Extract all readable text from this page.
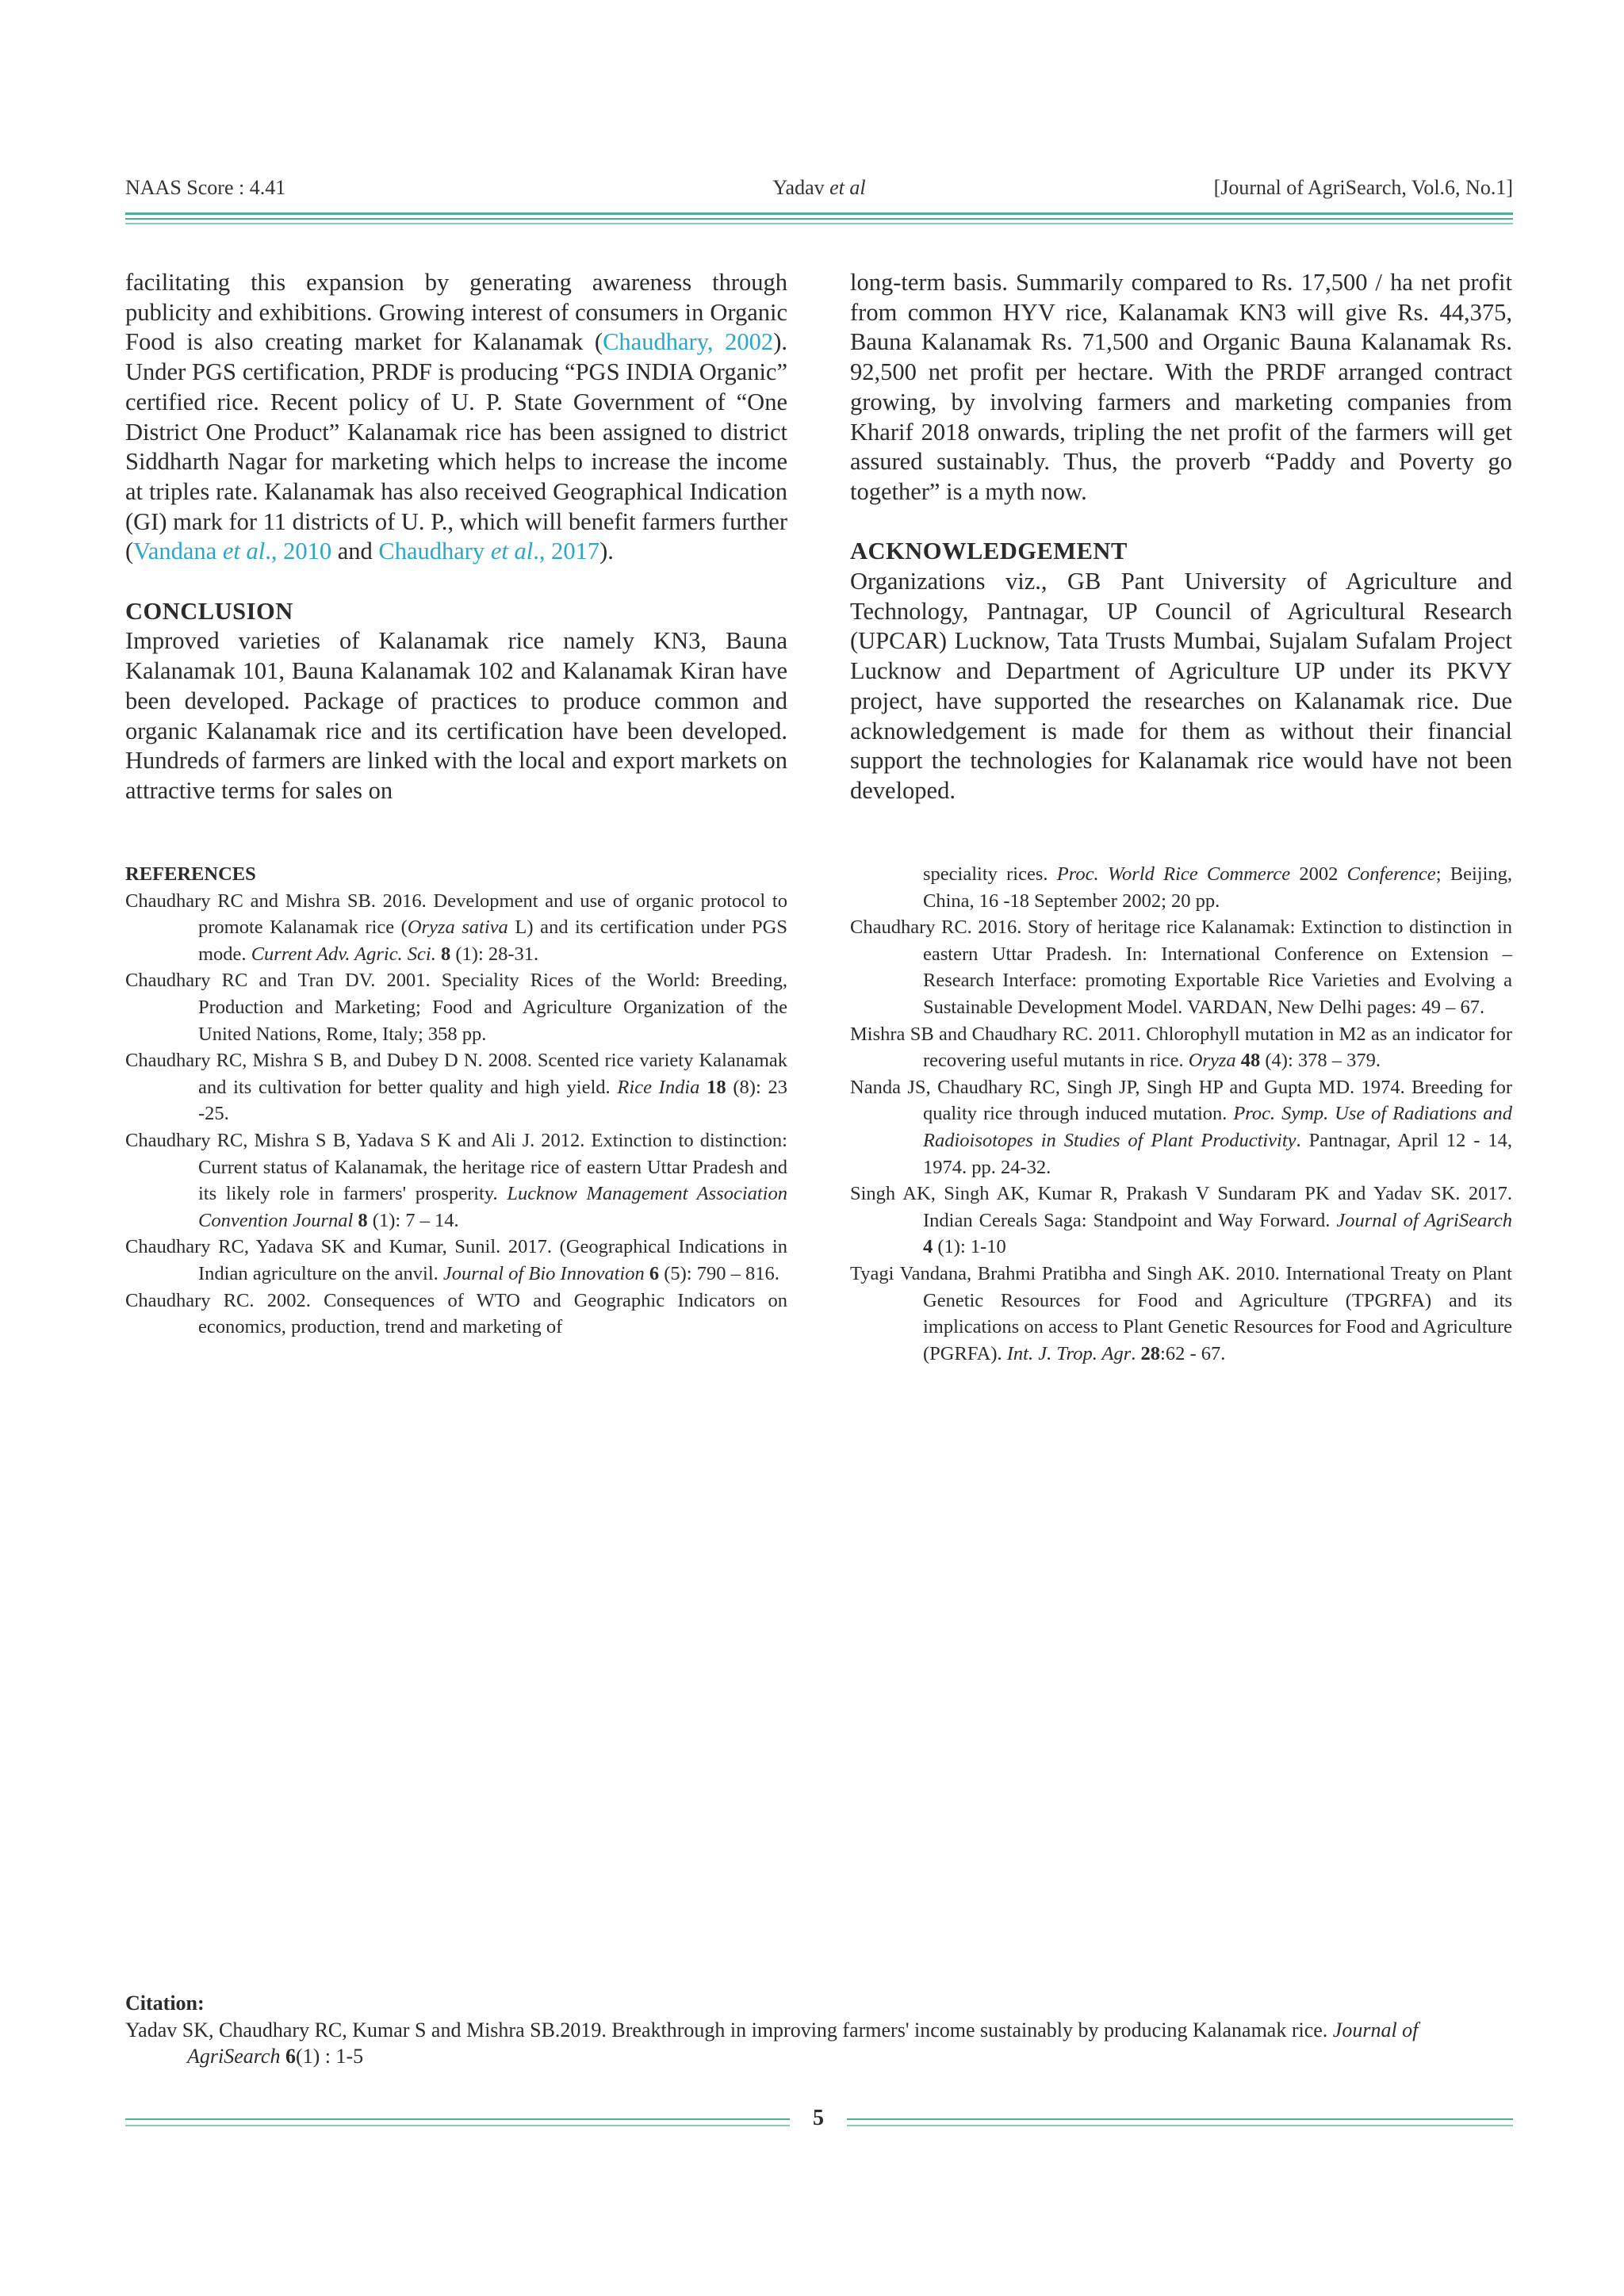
NAAS Score : 4.41	Yadav et al	[Journal of AgriSearch, Vol.6, No.1]

facilitating this expansion by generating awareness through publicity and exhibitions. Growing interest of consumers in Organic Food is also creating market for Kalanamak (Chaudhary, 2002). Under PGS certification, PRDF is producing “PGS INDIA Organic” certified rice. Recent policy of U. P. State Government of “One District One Product” Kalanamak rice has been assigned to district Siddharth Nagar for marketing which helps to increase the income at triples rate. Kalanamak has also received Geographical Indication (GI) mark for 11 districts of U. P., which will benefit farmers further (Vandana et al., 2010 and Chaudhary et al., 2017).

CONCLUSION

Improved varieties of Kalanamak rice namely KN3, Bauna Kalanamak 101, Bauna Kalanamak 102 and Kalanamak Kiran have been developed. Package of practices to produce common and organic Kalanamak rice and its certification have been developed. Hundreds of farmers are linked with the local and export markets on attractive terms for sales on

long-term basis. Summarily compared to Rs. 17,500 / ha net profit from common HYV rice, Kalanamak KN3 will give Rs. 44,375, Bauna Kalanamak Rs. 71,500 and Organic Bauna Kalanamak Rs. 92,500 net profit per hectare. With the PRDF arranged contract growing, by involving farmers and marketing companies from Kharif 2018 onwards, tripling the net profit of the farmers will get assured sustainably. Thus, the proverb “Paddy and Poverty go together” is a myth now.

ACKNOWLEDGEMENT

Organizations viz., GB Pant University of Agriculture and Technology, Pantnagar, UP Council of Agricultural Research (UPCAR) Lucknow, Tata Trusts Mumbai, Sujalam Sufalam Project Lucknow and Department of Agriculture UP under its PKVY project, have supported the researches on Kalanamak rice. Due acknowledgement is made for them as without their financial support the technologies for Kalanamak rice would have not been developed.

REFERENCES

Chaudhary RC and Mishra SB. 2016. Development and use of organic protocol to promote Kalanamak rice (Oryza sativa L) and its certification under PGS mode. Current Adv. Agric. Sci. 8 (1): 28-31.

Chaudhary RC and Tran DV. 2001. Speciality Rices of the World: Breeding, Production and Marketing; Food and Agriculture Organization of the United Nations, Rome, Italy; 358 pp.

Chaudhary RC, Mishra S B, and Dubey D N. 2008. Scented rice variety Kalanamak and its cultivation for better quality and high yield. Rice India 18 (8): 23 -25.

Chaudhary RC, Mishra S B, Yadava S K and Ali J. 2012. Extinction to distinction: Current status of Kalanamak, the heritage rice of eastern Uttar Pradesh and its likely role in farmers' prosperity. Lucknow Management Association Convention Journal 8 (1): 7 – 14.

Chaudhary RC, Yadava SK and Kumar, Sunil. 2017. (Geographical Indications in Indian agriculture on the anvil. Journal of Bio Innovation 6 (5): 790 – 816.

Chaudhary RC. 2002. Consequences of WTO and Geographic Indicators on economics, production, trend and marketing of

speciality rices. Proc. World Rice Commerce 2002 Conference; Beijing, China, 16 -18 September 2002; 20 pp.

Chaudhary RC. 2016. Story of heritage rice Kalanamak: Extinction to distinction in eastern Uttar Pradesh. In: International Conference on Extension – Research Interface: promoting Exportable Rice Varieties and Evolving a Sustainable Development Model. VARDAN, New Delhi pages: 49 – 67.

Mishra SB and Chaudhary RC. 2011. Chlorophyll mutation in M2 as an indicator for recovering useful mutants in rice. Oryza 48 (4): 378 – 379.

Nanda JS, Chaudhary RC, Singh JP, Singh HP and Gupta MD. 1974. Breeding for quality rice through induced mutation. Proc. Symp. Use of Radiations and Radioisotopes in Studies of Plant Productivity. Pantnagar, April 12 - 14, 1974. pp. 24-32.

Singh AK, Singh AK, Kumar R, Prakash V Sundaram PK and Yadav SK. 2017. Indian Cereals Saga: Standpoint and Way Forward. Journal of AgriSearch 4 (1): 1-10

Tyagi Vandana, Brahmi Pratibha and Singh AK. 2010. International Treaty on Plant Genetic Resources for Food and Agriculture (TPGRFA) and its implications on access to Plant Genetic Resources for Food and Agriculture (PGRFA). Int. J. Trop. Agr. 28:62 - 67.

Citation:

Yadav SK, Chaudhary RC, Kumar S and Mishra SB.2019. Breakthrough in improving farmers' income sustainably by producing Kalanamak rice. Journal of AgriSearch 6(1) : 1-5

5
